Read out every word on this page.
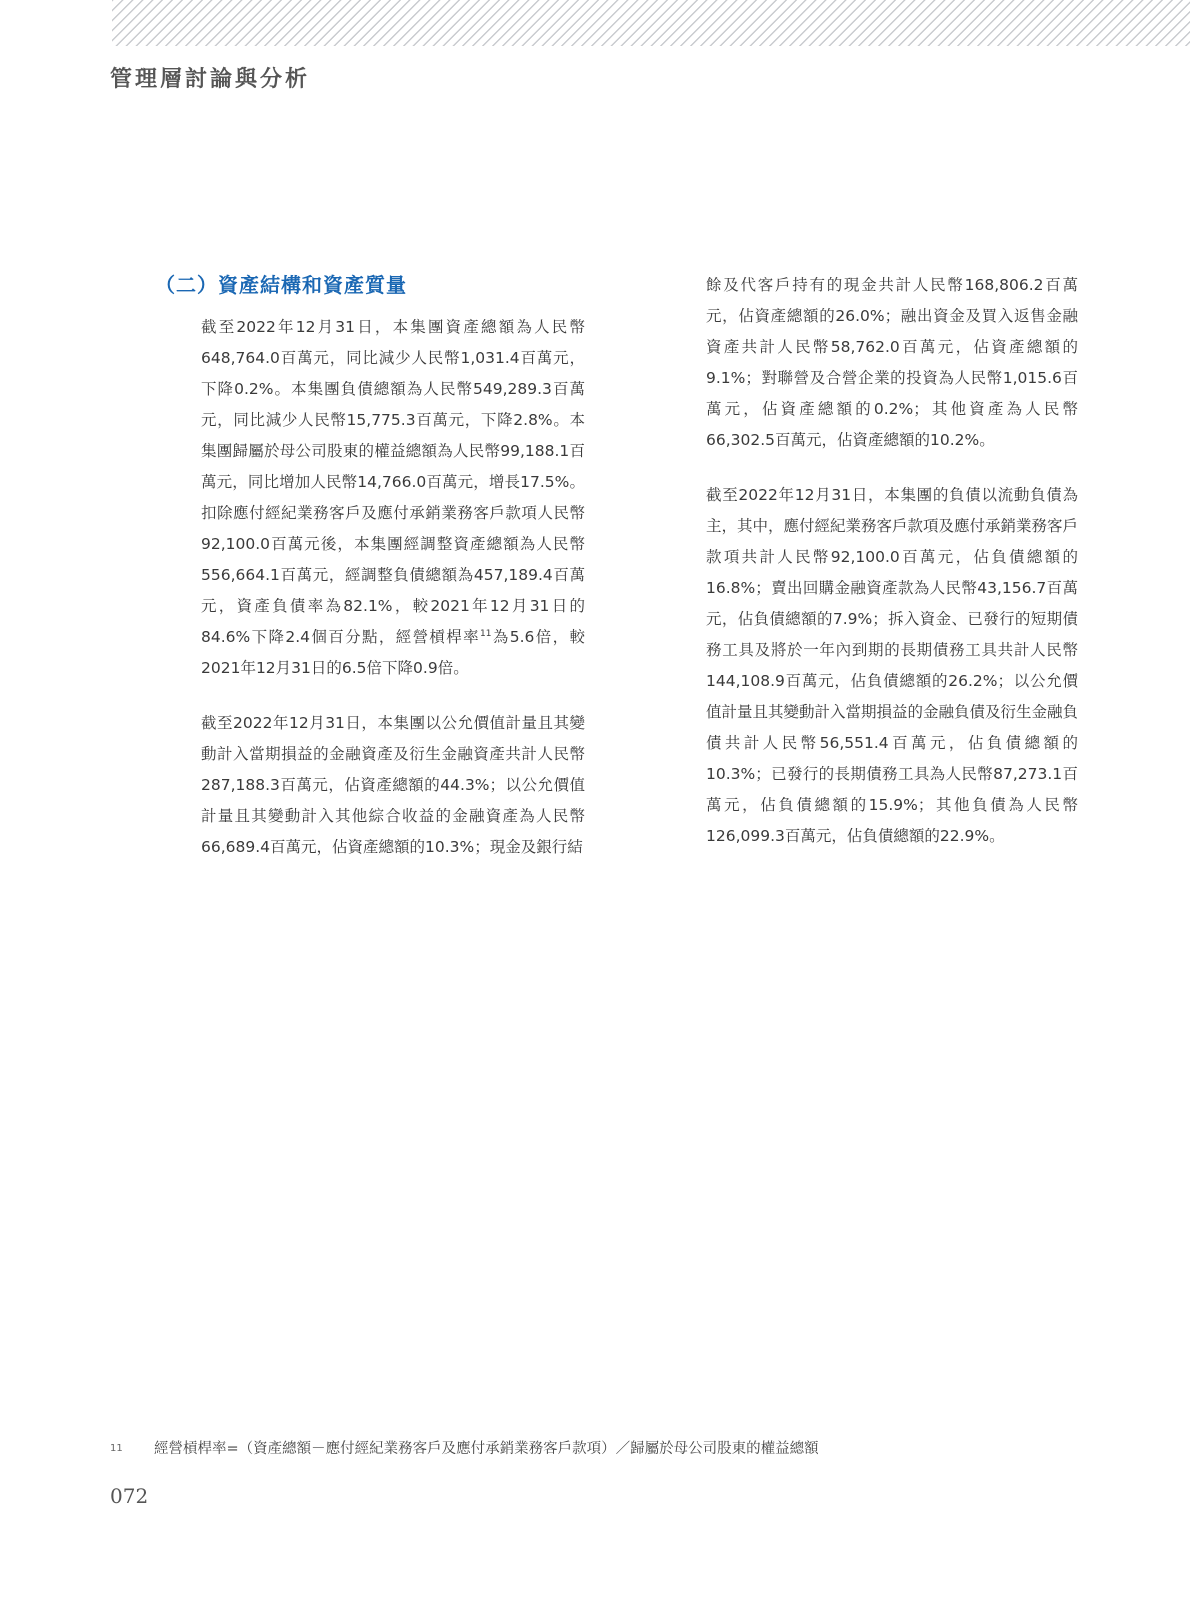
管理層討論與分析
（二）資產結構和資產質量

截至2022年12月31日，本集團資產總額為人民幣648,764.0百萬元，同比減少人民幣1,031.4百萬元，下降0.2%。本集團負債總額為人民幣549,289.3百萬元，同比減少人民幣15,775.3百萬元，下降2.8%。本集團歸屬於母公司股東的權益總額為人民幣99,188.1百萬元，同比增加人民幣14,766.0百萬元，增長17.5%。扣除應付經紀業務客戶及應付承銷業務客戶款項人民幣92,100.0百萬元後，本集團經調整資產總額為人民幣556,664.1百萬元，經調整負債總額為457,189.4百萬元，資產負債率為82.1%，較2021年12月31日的84.6%下降2.4個百分點，經營槓桿率$^{11}$為5.6倍，較2021年12月31日的6.5倍下降0.9倍。

截至2022年12月31日，本集團以公允價值計量且其變動計入當期損益的金融資產及衍生金融資產共計人民幣287,188.3百萬元，佔資產總額的44.3%；以公允價值計量且其變動計入其他綜合收益的金融資產為人民幣66,689.4百萬元，佔資產總額的10.3%；現金及銀行結

餘及代客戶持有的現金共計人民幣168,806.2百萬元，佔資產總額的26.0%；融出資金及買入返售金融資產共計人民幣58,762.0百萬元，佔資產總額的9.1%；對聯營及合營企業的投資為人民幣1,015.6百萬元，佔資產總額的0.2%；其他資產為人民幣66,302.5百萬元，佔資產總額的10.2%。

截至2022年12月31日，本集團的負債以流動負債為主，其中，應付經紀業務客戶款項及應付承銷業務客戶款項共計人民幣92,100.0百萬元，佔負債總額的16.8%；賣出回購金融資產款為人民幣43,156.7百萬元，佔負債總額的7.9%；拆入資金、已發行的短期債務工具及將於一年內到期的長期債務工具共計人民幣144,108.9百萬元，佔負債總額的26.2%；以公允價值計量且其變動計入當期損益的金融負債及衍生金融負債共計人民幣56,551.4百萬元，佔負債總額的10.3%；已發行的長期債務工具為人民幣87,273.1百萬元，佔負債總額的15.9%；其他負債為人民幣126,099.3百萬元，佔負債總額的22.9%。

11 經營槓桿率=（資產總額－應付經紀業務客戶及應付承銷業務客戶款項）／歸屬於母公司股東的權益總額
072
